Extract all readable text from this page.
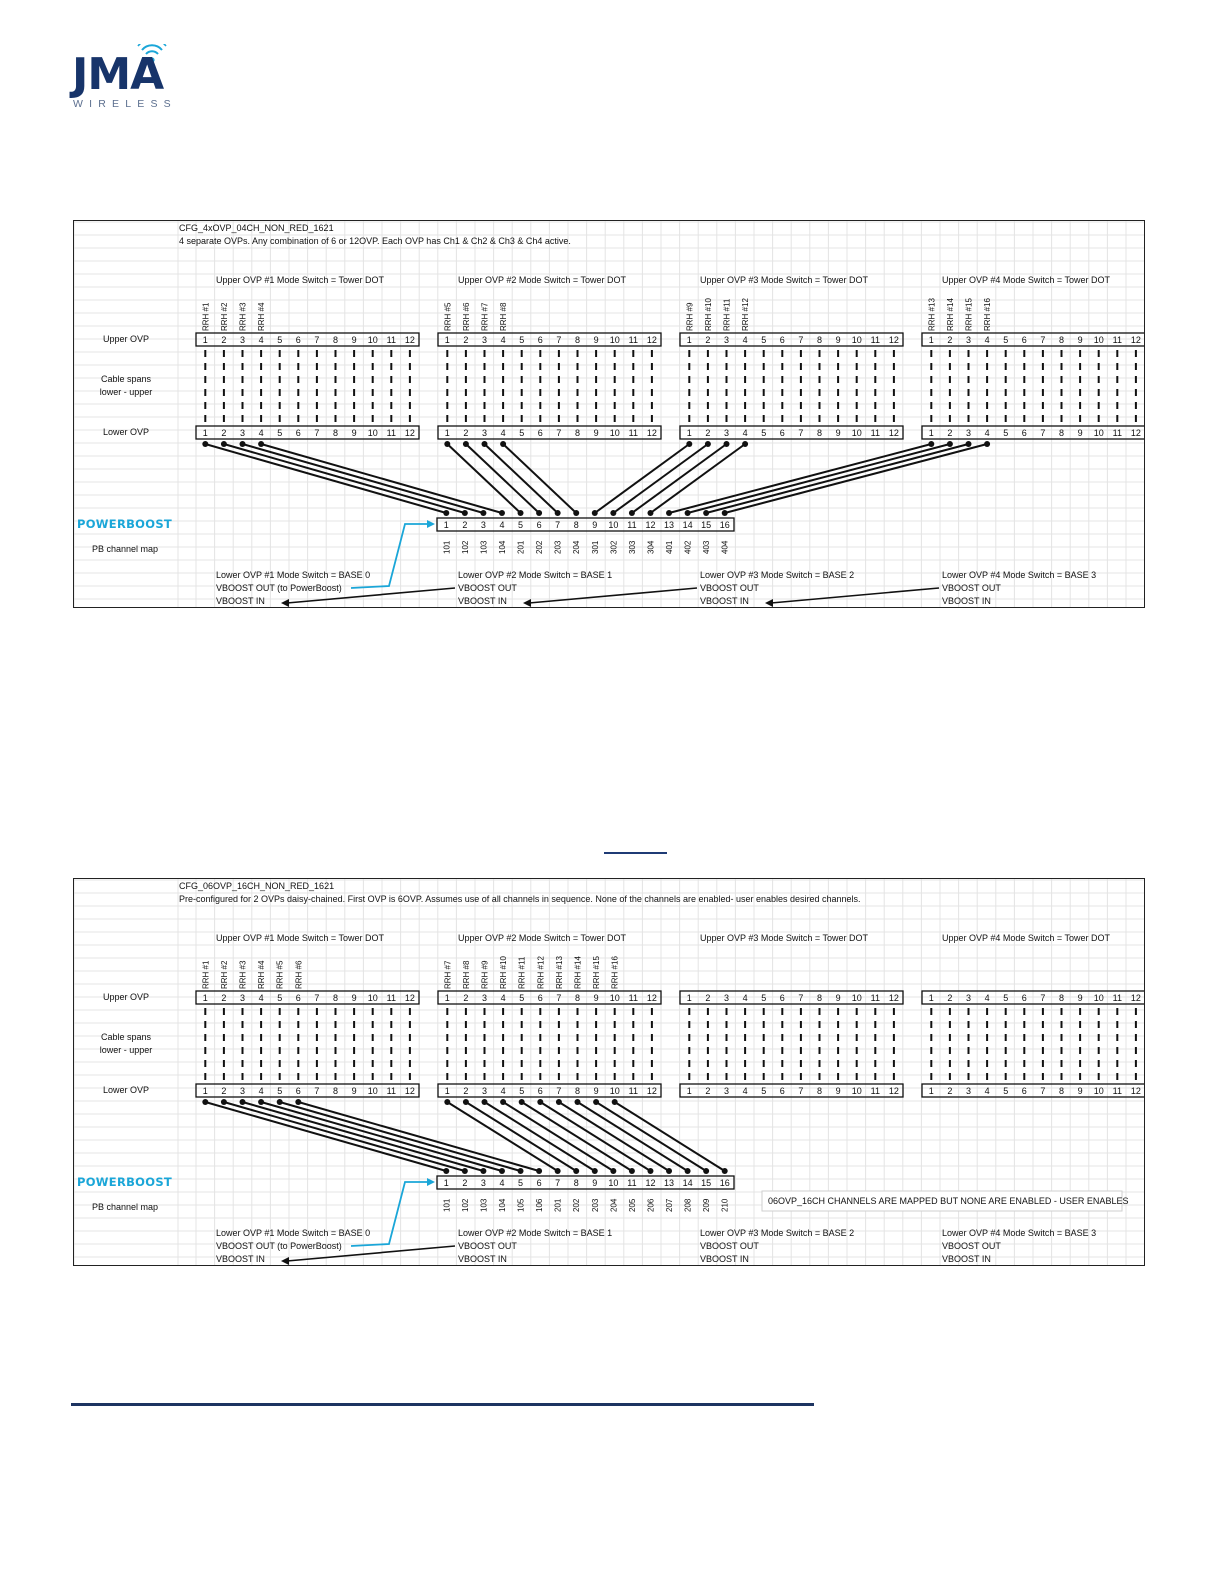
JMA
WIRELESS
CFG_4xOVP_04CH_NON_RED_1621
4 separate OVPs. Any combination of 6 or 12OVP. Each OVP has Ch1 & Ch2 & Ch3 & Ch4 active.
Upper OVP
Cable spans
lower - upper
Lower OVP
POWERBOOST
PB channel map
Upper OVP #1 Mode Switch = Tower DOT
RRH #1 RRH #2 RRH #3 RRH #4
1 2 3 4 5 6 7 8 9 10 11 12
1 2 3 4 5 6 7 8 9 10 11 12
Lower OVP #1 Mode Switch = BASE 0
VBOOST OUT (to PowerBoost)
VBOOST IN
Upper OVP #2 Mode Switch = Tower DOT
RRH #5 RRH #6 RRH #7 RRH #8
1 2 3 4 5 6 7 8 9 10 11 12
1 2 3 4 5 6 7 8 9 10 11 12
Lower OVP #2 Mode Switch = BASE 1
VBOOST OUT
VBOOST IN
Upper OVP #3 Mode Switch = Tower DOT
RRH #9 RRH #10 RRH #11 RRH #12
1 2 3 4 5 6 7 8 9 10 11 12
1 2 3 4 5 6 7 8 9 10 11 12
Lower OVP #3 Mode Switch = BASE 2
VBOOST OUT
VBOOST IN
Upper OVP #4 Mode Switch = Tower DOT
RRH #13 RRH #14 RRH #15 RRH #16
1 2 3 4 5 6 7 8 9 10 11 12
1 2 3 4 5 6 7 8 9 10 11 12
Lower OVP #4 Mode Switch = BASE 3
VBOOST OUT
VBOOST IN
1 2 3 4 5 6 7 8 9 10 11 12 13 14 15 16
101 102 103 104 201 202 203 204 301 302 303 304 401 402 403 404
CFG_06OVP_16CH_NON_RED_1621
Pre-configured for 2 OVPs daisy-chained. First OVP is 6OVP. Assumes use of all channels in sequence. None of the channels are enabled- user enables desired channels.
Upper OVP
Cable spans
lower - upper
Lower OVP
POWERBOOST
PB channel map
Upper OVP #1 Mode Switch = Tower DOT
RRH #1 RRH #2 RRH #3 RRH #4 RRH #5 RRH #6
1 2 3 4 5 6 7 8 9 10 11 12
1 2 3 4 5 6 7 8 9 10 11 12
Lower OVP #1 Mode Switch = BASE 0
VBOOST OUT (to PowerBoost)
VBOOST IN
Upper OVP #2 Mode Switch = Tower DOT
RRH #7 RRH #8 RRH #9 RRH #10 RRH #11 RRH #12 RRH #13 RRH #14 RRH #15 RRH #16
1 2 3 4 5 6 7 8 9 10 11 12
1 2 3 4 5 6 7 8 9 10 11 12
Lower OVP #2 Mode Switch = BASE 1
VBOOST OUT
VBOOST IN
Upper OVP #3 Mode Switch = Tower DOT
1 2 3 4 5 6 7 8 9 10 11 12
1 2 3 4 5 6 7 8 9 10 11 12
Lower OVP #3 Mode Switch = BASE 2
VBOOST OUT
VBOOST IN
Upper OVP #4 Mode Switch = Tower DOT
1 2 3 4 5 6 7 8 9 10 11 12
1 2 3 4 5 6 7 8 9 10 11 12
Lower OVP #4 Mode Switch = BASE 3
VBOOST OUT
VBOOST IN
1 2 3 4 5 6 7 8 9 10 11 12 13 14 15 16
101 102 103 104 105 106 201 202 203 204 205 206 207 208 209 210	06OVP_16CH CHANNELS ARE MAPPED BUT NONE ARE ENABLED - USER ENABLES
